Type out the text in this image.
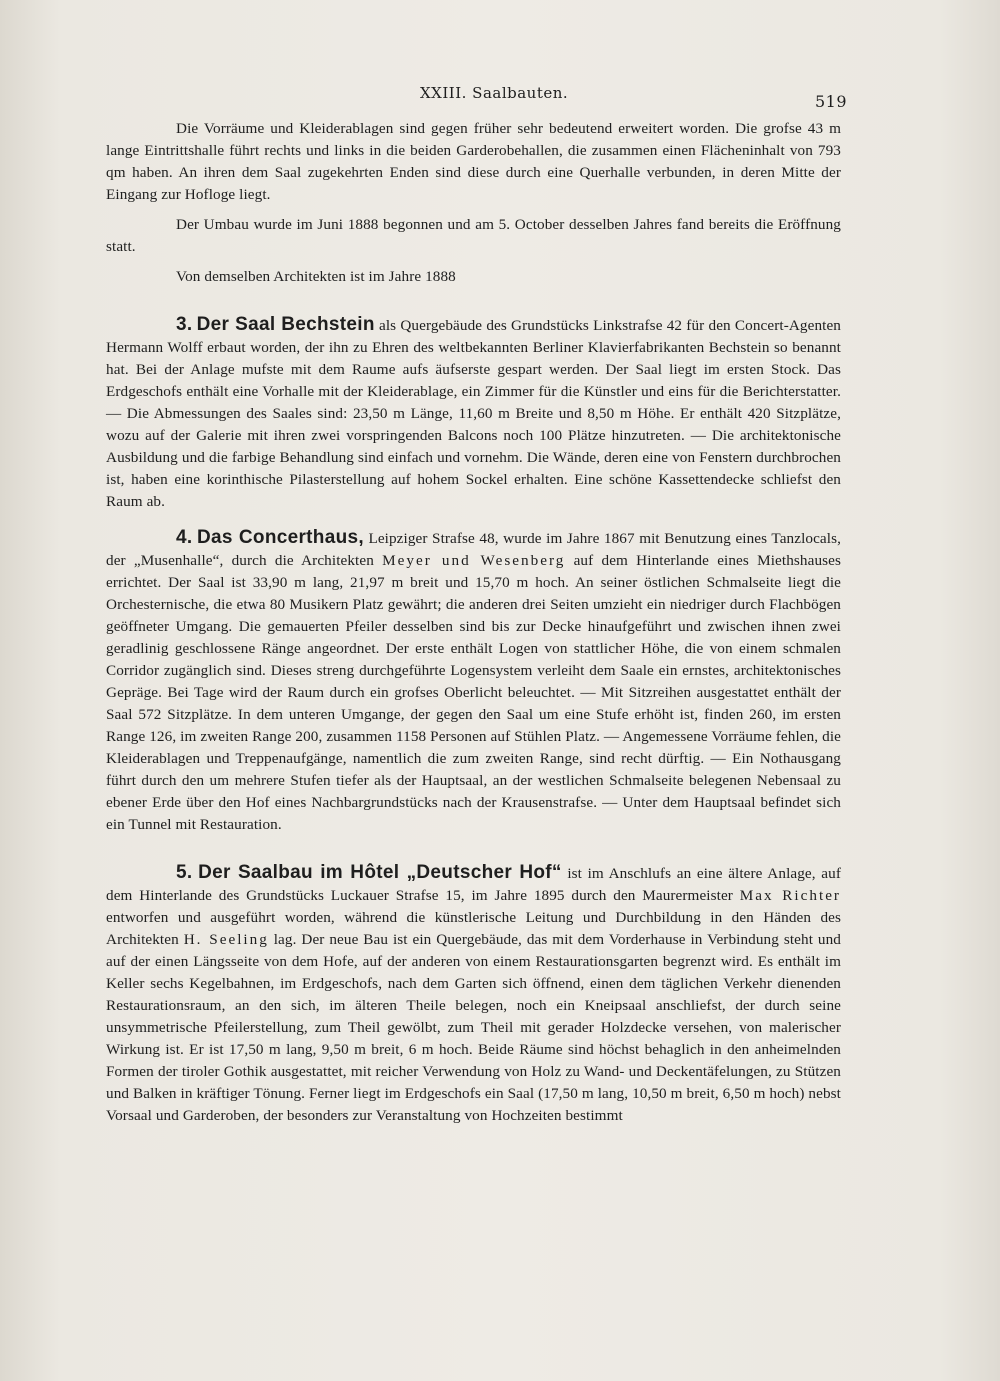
XXIII. Saalbauten.	519

Die Vorräume und Kleiderablagen sind gegen früher sehr bedeutend erweitert worden. Die grofse 43 m lange Eintrittshalle führt rechts und links in die beiden Garderobehallen, die zusammen einen Flächeninhalt von 793 qm haben. An ihren dem Saal zugekehrten Enden sind diese durch eine Querhalle verbunden, in deren Mitte der Eingang zur Hofloge liegt.

Der Umbau wurde im Juni 1888 begonnen und am 5. October desselben Jahres fand bereits die Eröffnung statt.

Von demselben Architekten ist im Jahre 1888

3. Der Saal Bechstein als Quergebäude des Grundstücks Linkstrafse 42 für den Concert-Agenten Hermann Wolff erbaut worden, der ihn zu Ehren des weltbekannten Berliner Klavierfabrikanten Bechstein so benannt hat. Bei der Anlage mufste mit dem Raume aufs äufserste gespart werden. Der Saal liegt im ersten Stock. Das Erdgeschofs enthält eine Vorhalle mit der Kleiderablage, ein Zimmer für die Künstler und eins für die Berichterstatter. — Die Abmessungen des Saales sind: 23,50 m Länge, 11,60 m Breite und 8,50 m Höhe. Er enthält 420 Sitzplätze, wozu auf der Galerie mit ihren zwei vorspringenden Balcons noch 100 Plätze hinzutreten. — Die architektonische Ausbildung und die farbige Behandlung sind einfach und vornehm. Die Wände, deren eine von Fenstern durchbrochen ist, haben eine korinthische Pilasterstellung auf hohem Sockel erhalten. Eine schöne Kassettendecke schliefst den Raum ab.

4. Das Concerthaus, Leipziger Strafse 48, wurde im Jahre 1867 mit Benutzung eines Tanzlocals, der „Musenhalle“, durch die Architekten Meyer und Wesenberg auf dem Hinterlande eines Miethshauses errichtet. Der Saal ist 33,90 m lang, 21,97 m breit und 15,70 m hoch. An seiner östlichen Schmalseite liegt die Orchesternische, die etwa 80 Musikern Platz gewährt; die anderen drei Seiten umzieht ein niedriger durch Flachbögen geöffneter Umgang. Die gemauerten Pfeiler desselben sind bis zur Decke hinaufgeführt und zwischen ihnen zwei geradlinig geschlossene Ränge angeordnet. Der erste enthält Logen von stattlicher Höhe, die von einem schmalen Corridor zugänglich sind. Dieses streng durchgeführte Logensystem verleiht dem Saale ein ernstes, architektonisches Gepräge. Bei Tage wird der Raum durch ein grofses Oberlicht beleuchtet. — Mit Sitzreihen ausgestattet enthält der Saal 572 Sitzplätze. In dem unteren Umgange, der gegen den Saal um eine Stufe erhöht ist, finden 260, im ersten Range 126, im zweiten Range 200, zusammen 1158 Personen auf Stühlen Platz. — Angemessene Vorräume fehlen, die Kleiderablagen und Treppenaufgänge, namentlich die zum zweiten Range, sind recht dürftig. — Ein Nothausgang führt durch den um mehrere Stufen tiefer als der Hauptsaal, an der westlichen Schmalseite belegenen Nebensaal zu ebener Erde über den Hof eines Nachbargrundstücks nach der Krausenstrafse. — Unter dem Hauptsaal befindet sich ein Tunnel mit Restauration.

5. Der Saalbau im Hôtel „Deutscher Hof“ ist im Anschlufs an eine ältere Anlage, auf dem Hinterlande des Grundstücks Luckauer Strafse 15, im Jahre 1895 durch den Maurermeister Max Richter entworfen und ausgeführt worden, während die künstlerische Leitung und Durchbildung in den Händen des Architekten H. Seeling lag. Der neue Bau ist ein Quergebäude, das mit dem Vorderhause in Verbindung steht und auf der einen Längsseite von dem Hofe, auf der anderen von einem Restaurationsgarten begrenzt wird. Es enthält im Keller sechs Kegelbahnen, im Erdgeschofs, nach dem Garten sich öffnend, einen dem täglichen Verkehr dienenden Restaurationsraum, an den sich, im älteren Theile belegen, noch ein Kneipsaal anschliefst, der durch seine unsymmetrische Pfeilerstellung, zum Theil gewölbt, zum Theil mit gerader Holzdecke versehen, von malerischer Wirkung ist. Er ist 17,50 m lang, 9,50 m breit, 6 m hoch. Beide Räume sind höchst behaglich in den anheimelnden Formen der tiroler Gothik ausgestattet, mit reicher Verwendung von Holz zu Wand- und Deckentäfelungen, zu Stützen und Balken in kräftiger Tönung. Ferner liegt im Erdgeschofs ein Saal (17,50 m lang, 10,50 m breit, 6,50 m hoch) nebst Vorsaal und Garderoben, der besonders zur Veranstaltung von Hochzeiten bestimmt
